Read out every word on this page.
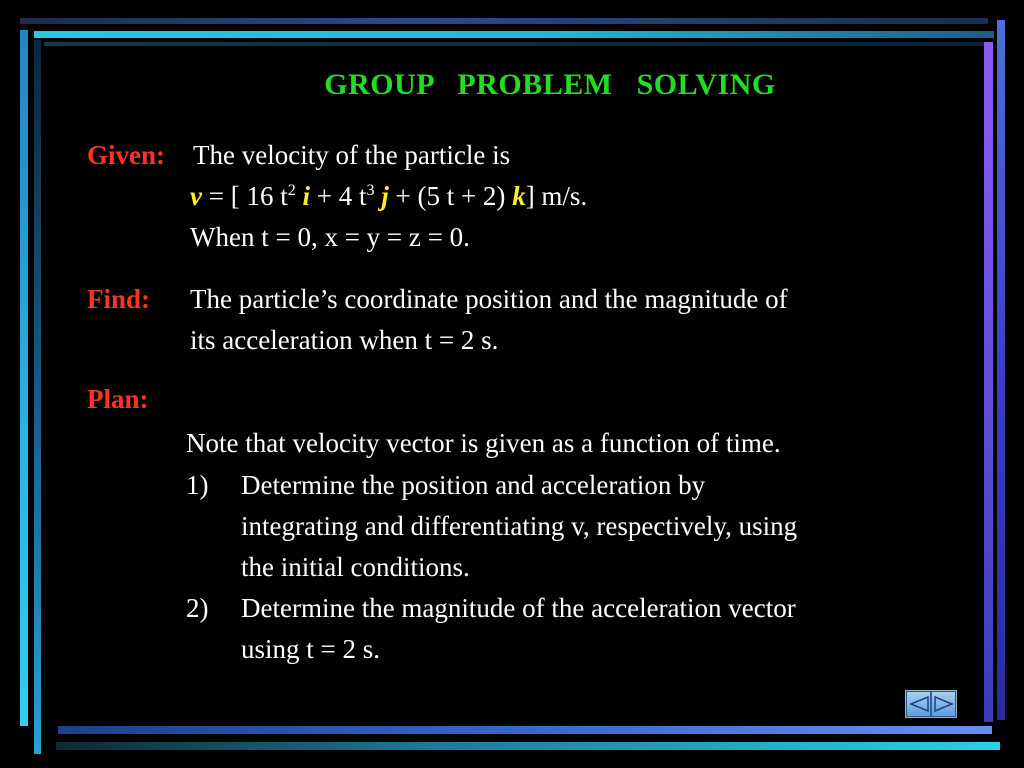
GROUP   PROBLEM   SOLVING
Given: The velocity of the particle is
v = [ 16 $t^2$ i + 4 $t^3$ j + (5 t + 2) k] m/s.
When t = 0, x = y = z = 0.
Find: The particle’s coordinate position and the magnitude of
its acceleration when t = 2 s.
Plan:
Note that velocity vector is given as a function of time.
1) Determine the position and acceleration by
integrating and differentiating v, respectively, using
the initial conditions.
2) Determine the magnitude of the acceleration vector
using t = 2 s.
